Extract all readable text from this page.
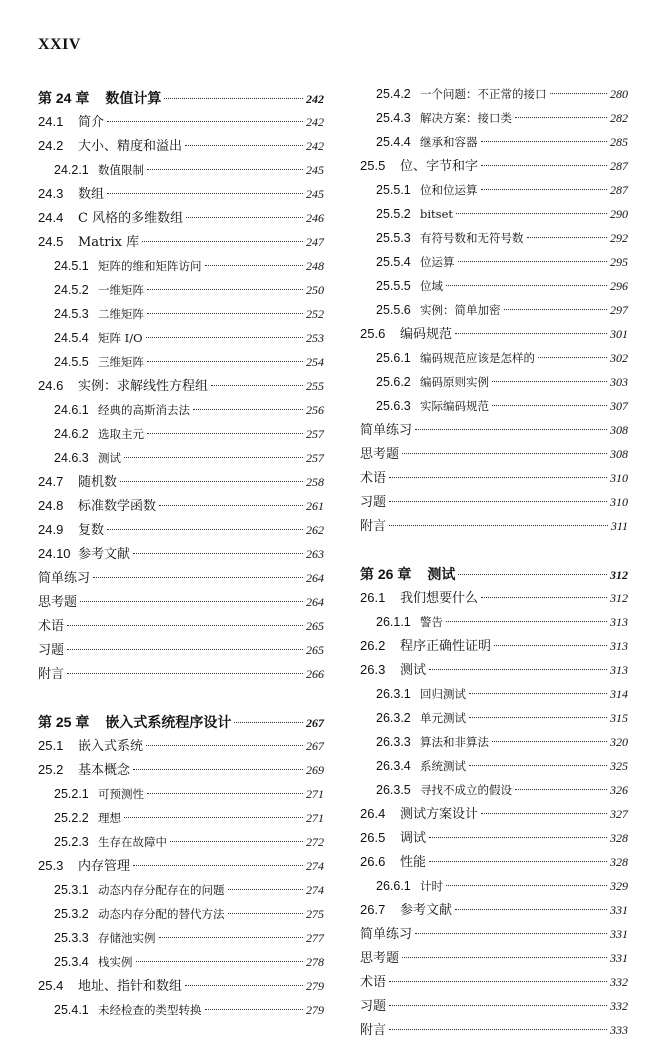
XXIV
第 24 章 数值计算	242
24.1	简介	242
24.2	大小、精度和溢出	242
24.2.1 数值限制	245
24.3	数组	245
24.4	C 风格的多维数组	246
24.5	Matrix 库	247
24.5.1 矩阵的维和矩阵访问	248
24.5.2 一维矩阵	250
24.5.3 二维矩阵	252
24.5.4 矩阵 I/O	253
24.5.5 三维矩阵	254
24.6	实例：求解线性方程组	255
24.6.1 经典的高斯消去法	256
24.6.2 选取主元	257
24.6.3 测试	257
24.7	随机数	258
24.8	标准数学函数	261
24.9	复数	262
24.10 参考文献	263
简单练习	264
思考题	264
术语	265
习题	265
附言	266
第 25 章 嵌入式系统程序设计	267
25.1	嵌入式系统	267
25.2	基本概念	269
25.2.1 可预测性	271
25.2.2 理想	271
25.2.3 生存在故障中	272
25.3	内存管理	274
25.3.1 动态内存分配存在的问题	274
25.3.2 动态内存分配的替代方法	275
25.3.3 存储池实例	277
25.3.4 栈实例	278
25.4	地址、指针和数组	279
25.4.1 未经检查的类型转换	279
25.4.2 一个问题：不正常的接口	280
25.4.3 解决方案：接口类	282
25.4.4 继承和容器	285
25.5	位、字节和字	287
25.5.1 位和位运算	287
25.5.2 bitset	290
25.5.3 有符号数和无符号数	292
25.5.4 位运算	295
25.5.5 位域	296
25.5.6 实例：简单加密	297
25.6	编码规范	301
25.6.1 编码规范应该是怎样的	302
25.6.2 编码原则实例	303
25.6.3 实际编码规范	307
简单练习	308
思考题	308
术语	310
习题	310
附言	311
第 26 章 测试	312
26.1	我们想要什么	312
26.1.1 警告	313
26.2	程序正确性证明	313
26.3	测试	313
26.3.1 回归测试	314
26.3.2 单元测试	315
26.3.3 算法和非算法	320
26.3.4 系统测试	325
26.3.5 寻找不成立的假设	326
26.4	测试方案设计	327
26.5	调试	328
26.6	性能	328
26.6.1 计时	329
26.7	参考文献	331
简单练习	331
思考题	331
术语	332
习题	332
附言	333
